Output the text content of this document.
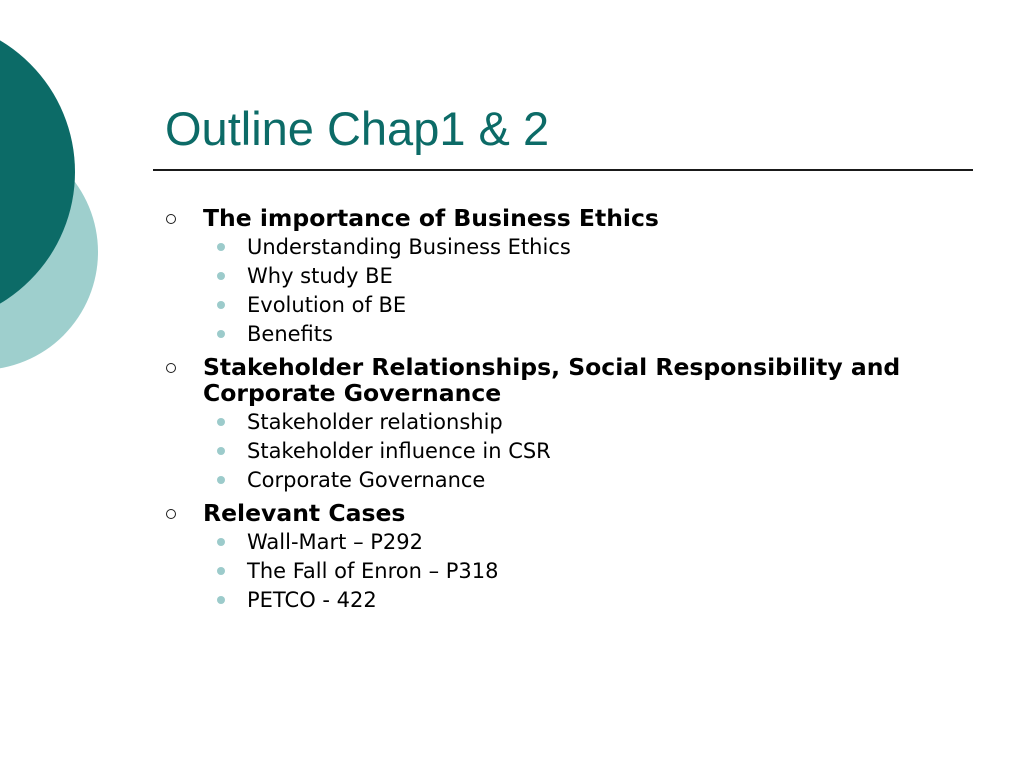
Outline Chap1 & 2
The importance of Business Ethics
Understanding Business Ethics
Why study BE
Evolution of BE
Benefits
Stakeholder Relationships, Social Responsibility and Corporate Governance
Stakeholder relationship
Stakeholder influence in CSR
Corporate Governance
Relevant Cases
Wall-Mart – P292
The Fall of Enron – P318
PETCO - 422
